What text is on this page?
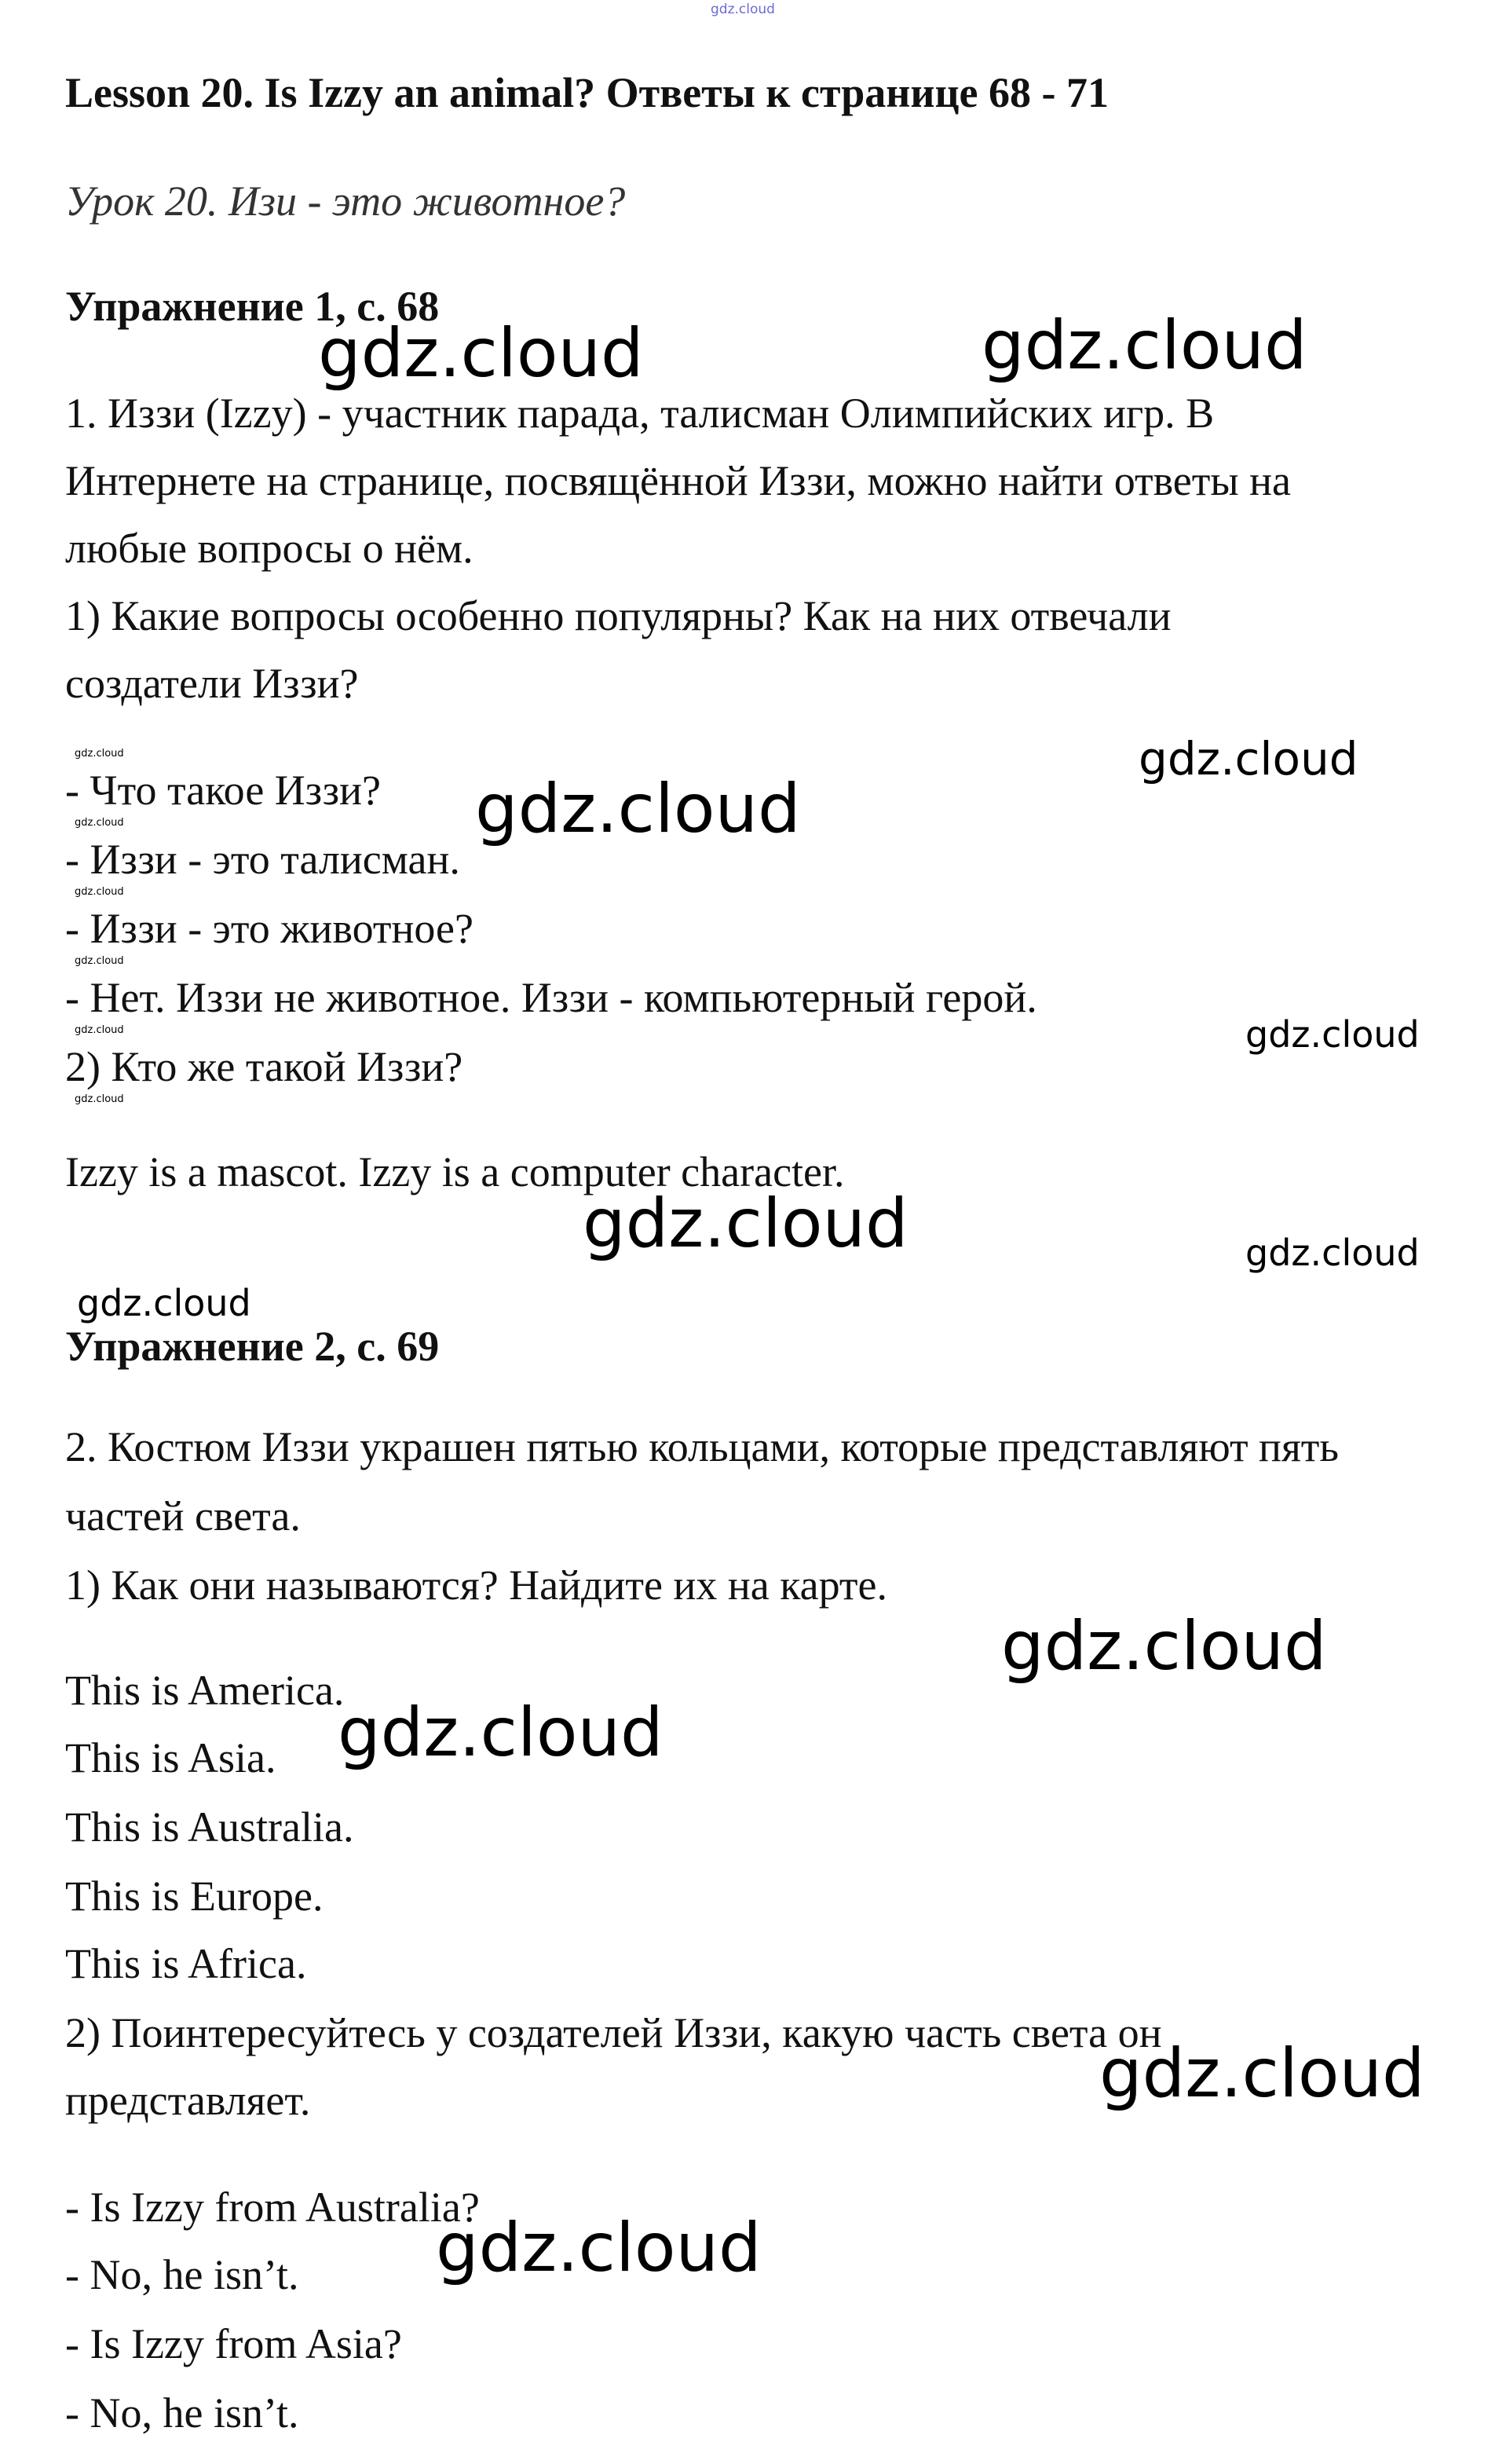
gdz.cloud
Lesson 20. Is Izzy an animal? Ответы к странице 68 - 71
Урок 20. Изи - это животное?
Упражнение 1, с. 68
1. Иззи (Izzy) - участник парада, талисман Олимпийских игр. В
Интернете на странице, посвящённой Иззи, можно найти ответы на
любые вопросы о нём.
1) Какие вопросы особенно популярны? Как на них отвечали
создатели Иззи?
- Что такое Иззи?
- Иззи - это талисман.
- Иззи - это животное?
- Нет. Иззи не животное. Иззи - компьютерный герой.
2) Кто же такой Иззи?
Izzy is a mascot. Izzy is a computer character.
Упражнение 2, с. 69
2. Костюм Иззи украшен пятью кольцами, которые представляют пять
частей света.
1) Как они называются? Найдите их на карте.
This is America.
This is Asia.
This is Australia.
This is Europe.
This is Africa.
2) Поинтересуйтесь у создателей Иззи, какую часть света он
представляет.
- Is Izzy from Australia?
- No, he isn’t.
- Is Izzy from Asia?
- No, he isn’t.
gdz.cloud	gdz.cloud
gdz.cloud
gdz.cloud
gdz.cloud
gdz.cloud
gdz.cloud
gdz.cloud
gdz.cloud
gdz.cloud
gdz.cloud
gdz.cloud
gdz.cloud
gdz.cloud
gdz.cloud
gdz.cloud
gdz.cloud
gdz.cloud
